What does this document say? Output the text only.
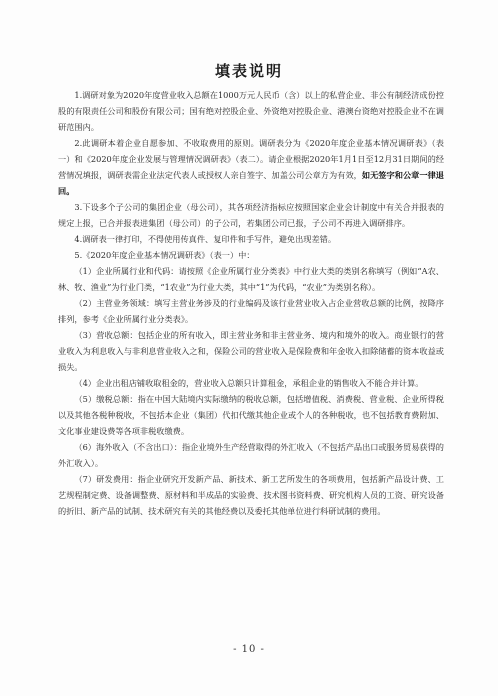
填表说明

1.调研对象为2020年度营业收入总额在1000万元人民币（含）以上的私营企业、非公有制经济成份控股的有限责任公司和股份有限公司；国有绝对控股企业、外资绝对控股企业、港澳台资绝对控股企业不在调研范围内。

2.此调研本着企业自愿参加、不收取费用的原则。调研表分为《2020年度企业基本情况调研表》（表一）和《2020年度企业发展与管理情况调研表》（表二）。请企业根据2020年1月1日至12月31日期间的经营情况填报，调研表需企业法定代表人或授权人亲自签字、加盖公司公章方为有效，如无签字和公章一律退回。

3.下设多个子公司的集团企业（母公司），其各项经济指标应按照国家企业会计制度中有关合并报表的规定上报，已合并报表进集团（母公司）的子公司，若集团公司已报，子公司不再进入调研排序。

4.调研表一律打印，不得使用传真件、复印件和手写件，避免出现差错。

5.《2020年度企业基本情况调研表》（表一）中：

（1）企业所属行业和代码：请按照《企业所属行业分类表》中行业大类的类别名称填写（例如“A农、林、牧、渔业”为行业门类，“1农业”为行业大类，其中“1”为代码，“农业”为类别名称）。

（2）主营业务领域：填写主营业务涉及的行业编码及该行业营业收入占企业营收总额的比例，按降序排列，参考《企业所属行业分类表》。

（3）营收总额：包括企业的所有收入，即主营业务和非主营业务、境内和境外的收入。商业银行的营业收入为利息收入与非利息营业收入之和，保险公司的营业收入是保险费和年金收入扣除储蓄的资本收益或损失。

（4）企业出租店铺收取租金的，营业收入总额只计算租金，承租企业的销售收入不能合并计算。

（5）缴税总额：指在中国大陆境内实际缴纳的税收总额，包括增值税、消费税、营业税、企业所得税以及其他各税种税收，不包括本企业（集团）代扣代缴其他企业或个人的各种税收，也不包括教育费附加、文化事业建设费等各项非税收缴费。

（6）海外收入（不含出口）：指企业境外生产经营取得的外汇收入（不包括产品出口或服务贸易获得的外汇收入）。

（7）研发费用：指企业研究开发新产品、新技术、新工艺所发生的各项费用，包括新产品设计费、工艺规程制定费、设备调整费、原材料和半成品的实验费、技术图书资料费、研究机构人员的工资、研究设备的折旧、新产品的试制、技术研究有关的其他经费以及委托其他单位进行科研试制的费用。

- 10 -
